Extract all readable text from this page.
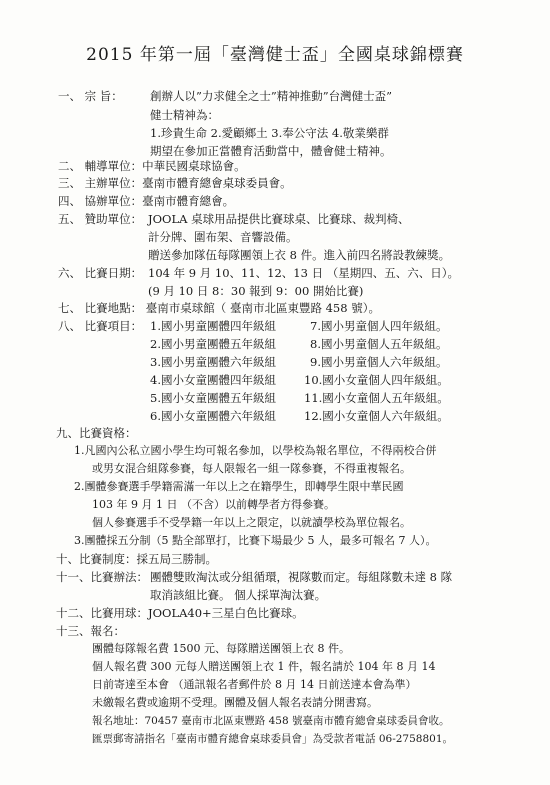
2015 年第一屆「臺灣健士盃」全國桌球錦標賽
一、 宗 旨： 創辦人以”力求健全之士”精神推動”台灣健士盃”
健士精神為：
1.珍貴生命 2.愛顧鄉土 3.奉公守法 4.敬業樂群
期望在參加正當體育活動當中，體會健士精神。
二、 輔導單位：中華民國桌球協會。
三、 主辦單位：臺南市體育總會桌球委員會。
四、 協辦單位：臺南市體育總會。
五、 贊助單位： JOOLA 桌球用品提供比賽球桌、比賽球、裁判椅、
計分牌、圍布架、音響設備。
贈送參加隊伍每隊團領上衣 8 件。進入前四名將設教練獎。
六、 比賽日期： 104 年 9 月 10、11、12、13 日 （星期四、五、六、日）。
(9 月 10 日 8：30 報到 9：00 開始比賽)
七、 比賽地點： 臺南市桌球館（ 臺南市北區東豐路 458 號）。
八、 比賽項目： 1.國小男童團體四年級組
2.國小男童團體五年級組
3.國小男童團體六年級組
4.國小女童團體四年級組
5.國小女童團體五年級組
6.國小女童團體六年級組
7.國小男童個人四年級組。
8.國小男童個人五年級組。
9.國小男童個人六年級組。
10.國小女童個人四年級組。
11.國小女童個人五年級組。
12.國小女童個人六年級組。
九、比賽資格：
1.凡國內公私立國小學生均可報名參加，以學校為報名單位，不得兩校合併
或男女混合組隊參賽，每人限報名一組一隊參賽，不得重複報名。
2.團體參賽選手學籍需滿一年以上之在籍學生，即轉學生限中華民國
103 年 9 月 1 日 （不含）以前轉學者方得參賽。
個人參賽選手不受學籍一年以上之限定，以就讀學校為單位報名。
3.團體採五分制（5 點全部單打，比賽下場最少 5 人，最多可報名 7 人）。
十、比賽制度：採五局三勝制。
十一、比賽辦法： 團體雙敗淘汰或分組循環，視隊數而定。每組隊數未達 8 隊
取消該組比賽。 個人採單淘汰賽。
十二、比賽用球：JOOLA40+三星白色比賽球。
十三、報名：
團體每隊報名費 1500 元、每隊贈送團領上衣 8 件。
個人報名費 300 元每人贈送團領上衣 1 件，報名請於 104 年 8 月 14
日前寄達至本會 （通訊報名者郵件於 8 月 14 日前送達本會為準）
未繳報名費或逾期不受理。團體及個人報名表請分開書寫。
報名地址：70457 臺南市北區東豐路 458 號臺南市體育總會桌球委員會收。
匯票郵寄請指名「臺南市體育總會桌球委員會」為受款者電話 06-2758801。
